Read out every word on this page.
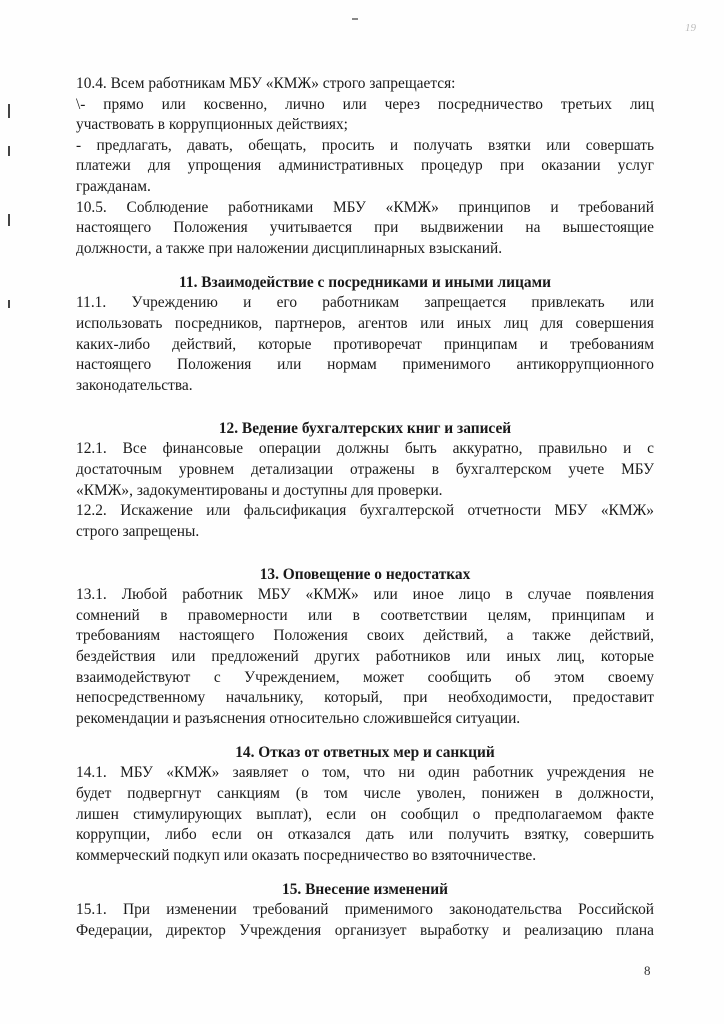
19
10.4. Всем работникам МБУ «КМЖ» строго запрещается:
\- прямо или косвенно, лично или через посредничество третьих лиц
участвовать в коррупционных действиях;
- предлагать, давать, обещать, просить и получать взятки или совершать
платежи для упрощения административных процедур при оказании услуг
гражданам.
10.5. Соблюдение работниками МБУ «КМЖ» принципов и требований
настоящего Положения учитывается при выдвижении на вышестоящие
должности, а также при наложении дисциплинарных взысканий.
11. Взаимодействие с посредниками и иными лицами
11.1. Учреждению и его работникам запрещается привлекать или
использовать посредников, партнеров, агентов или иных лиц для совершения
каких-либо действий, которые противоречат принципам и требованиям
настоящего Положения или нормам применимого антикоррупционного
законодательства.
12. Ведение бухгалтерских книг и записей
12.1. Все финансовые операции должны быть аккуратно, правильно и с
достаточным уровнем детализации отражены в бухгалтерском учете МБУ
«КМЖ», задокументированы и доступны для проверки.
12.2. Искажение или фальсификация бухгалтерской отчетности МБУ «КМЖ»
строго запрещены.
13. Оповещение о недостатках
13.1. Любой работник МБУ «КМЖ» или иное лицо в случае появления
сомнений в правомерности или в соответствии целям, принципам и
требованиям настоящего Положения своих действий, а также действий,
бездействия или предложений других работников или иных лиц, которые
взаимодействуют с Учреждением, может сообщить об этом своему
непосредственному начальнику, который, при необходимости, предоставит
рекомендации и разъяснения относительно сложившейся ситуации.
14. Отказ от ответных мер и санкций
14.1. МБУ «КМЖ» заявляет о том, что ни один работник учреждения не
будет подвергнут санкциям (в том числе уволен, понижен в должности,
лишен стимулирующих выплат), если он сообщил о предполагаемом факте
коррупции, либо если он отказался дать или получить взятку, совершить
коммерческий подкуп или оказать посредничество во взяточничестве.
15. Внесение изменений
15.1. При изменении требований применимого законодательства Российской
Федерации, директор Учреждения организует выработку и реализацию плана
8
